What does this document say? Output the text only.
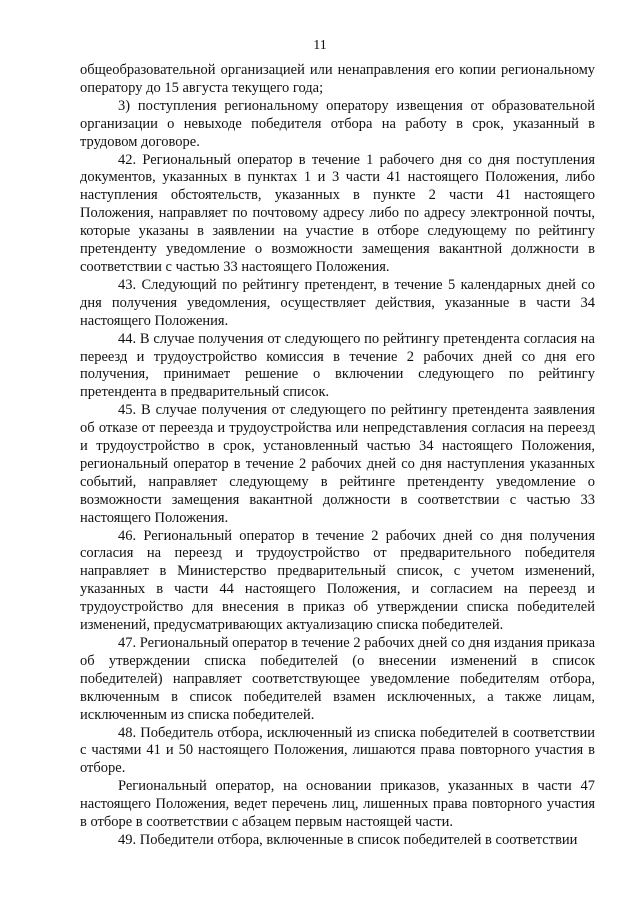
11

общеобразовательной организацией или ненаправления его копии региональному оператору до 15 августа текущего года;

3) поступления региональному оператору извещения от образовательной организации о невыходе победителя отбора на работу в срок, указанный в трудовом договоре.

42. Региональный оператор в течение 1 рабочего дня со дня поступления документов, указанных в пунктах 1 и 3 части 41 настоящего Положения, либо наступления обстоятельств, указанных в пункте 2 части 41 настоящего Положения, направляет по почтовому адресу либо по адресу электронной почты, которые указаны в заявлении на участие в отборе следующему по рейтингу претенденту уведомление о возможности замещения вакантной должности в соответствии с частью 33 настоящего Положения.

43. Следующий по рейтингу претендент, в течение 5 календарных дней со дня получения уведомления, осуществляет действия, указанные в части 34 настоящего Положения.

44. В случае получения от следующего по рейтингу претендента согласия на переезд и трудоустройство комиссия в течение 2 рабочих дней со дня его получения, принимает решение о включении следующего по рейтингу претендента в предварительный список.

45. В случае получения от следующего по рейтингу претендента заявления об отказе от переезда и трудоустройства или непредставления согласия на переезд и трудоустройство в срок, установленный частью 34 настоящего Положения, региональный оператор в течение 2 рабочих дней со дня наступления указанных событий, направляет следующему в рейтинге претенденту уведомление о возможности замещения вакантной должности в соответствии с частью 33 настоящего Положения.

46. Региональный оператор в течение 2 рабочих дней со дня получения согласия на переезд и трудоустройство от предварительного победителя направляет в Министерство предварительный список, с учетом изменений, указанных в части 44 настоящего Положения, и согласием на переезд и трудоустройство для внесения в приказ об утверждении списка победителей изменений, предусматривающих актуализацию списка победителей.

47. Региональный оператор в течение 2 рабочих дней со дня издания приказа об утверждении списка победителей (о внесении изменений в список победителей) направляет соответствующее уведомление победителям отбора, включенным в список победителей взамен исключенных, а также лицам, исключенным из списка победителей.

48. Победитель отбора, исключенный из списка победителей в соответствии с частями 41 и 50 настоящего Положения, лишаются права повторного участия в отборе.

Региональный оператор, на основании приказов, указанных в части 47 настоящего Положения, ведет перечень лиц, лишенных права повторного участия в отборе в соответствии с абзацем первым настоящей части.

49. Победители отбора, включенные в список победителей в соответствии
